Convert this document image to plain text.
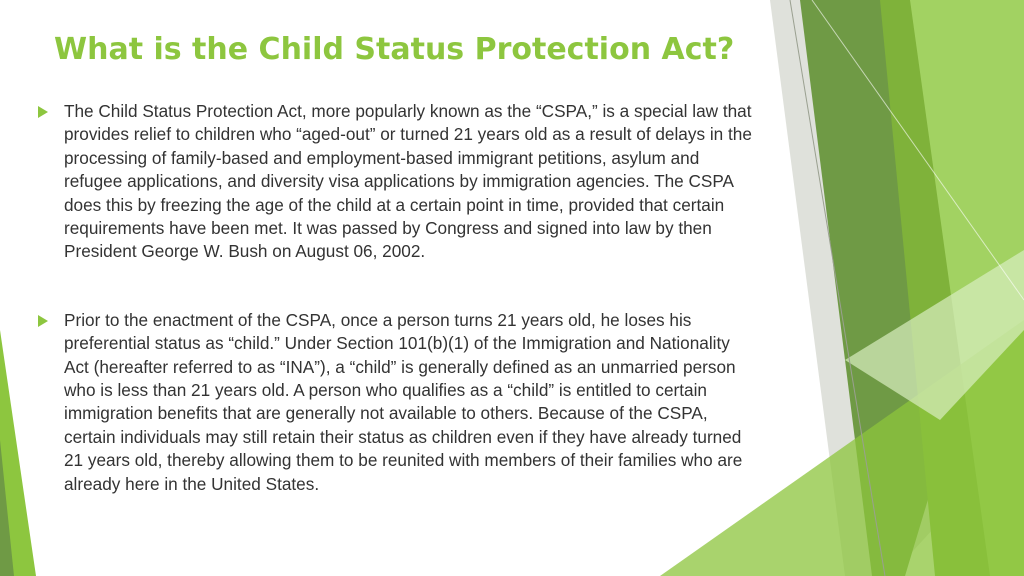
What is the Child Status Protection Act?
The Child Status Protection Act, more popularly known as the “CSPA,” is a special law that provides relief to children who “aged-out” or turned 21 years old as a result of delays in the processing of family-based and employment-based immigrant petitions, asylum and refugee applications, and diversity visa applications by immigration agencies. The CSPA does this by freezing the age of the child at a certain point in time, provided that certain requirements have been met. It was passed by Congress and signed into law by then President George W. Bush on August 06, 2002.
Prior to the enactment of the CSPA, once a person turns 21 years old, he loses his preferential status as “child.” Under Section 101(b)(1) of the Immigration and Nationality Act (hereafter referred to as “INA”), a “child” is generally defined as an unmarried person who is less than 21 years old. A person who qualifies as a “child” is entitled to certain immigration benefits that are generally not available to others. Because of the CSPA, certain individuals may still retain their status as children even if they have already turned 21 years old, thereby allowing them to be reunited with members of their families who are already here in the United States.
